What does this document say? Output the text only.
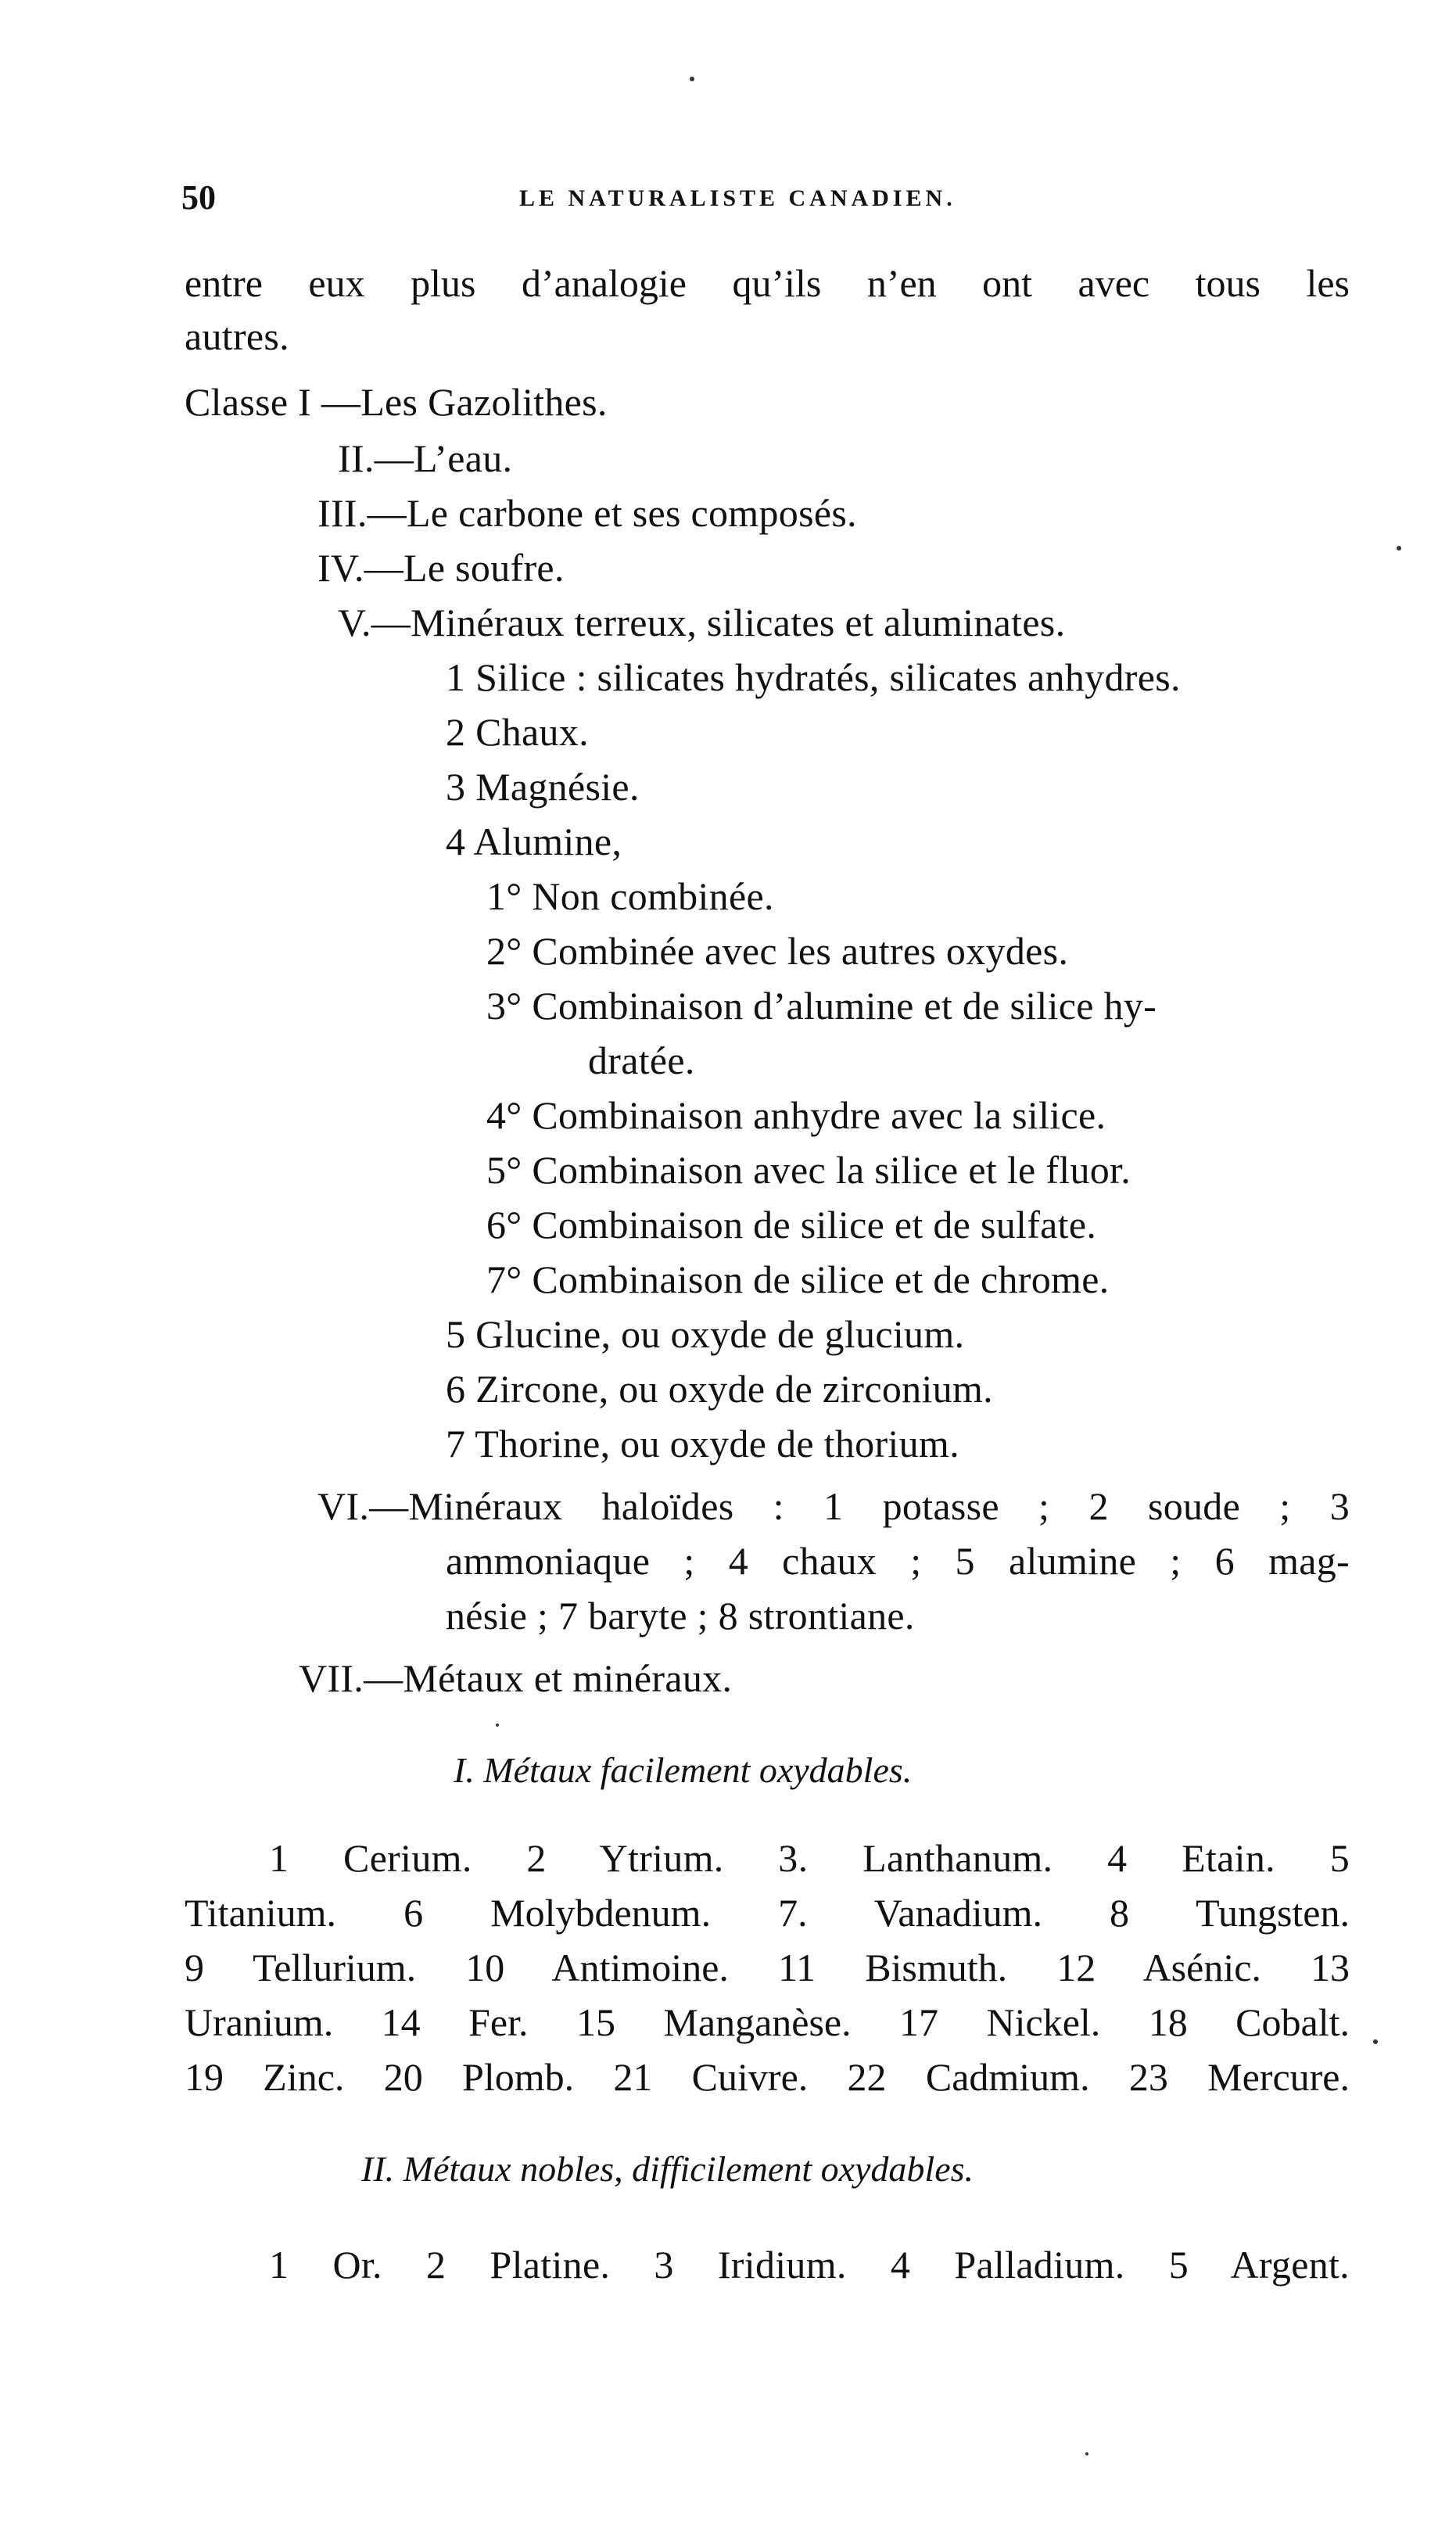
50	LE NATURALISTE CANADIEN.
entre eux plus d’analogie qu’ils n’en ont avec tous les
autres.
Classe I —Les Gazolithes.
II.—L’eau.
III.—Le carbone et ses composés.
IV.—Le soufre.
V.—Minéraux terreux, silicates et aluminates.
1 Silice : silicates hydratés, silicates anhydres.
2 Chaux.
3 Magnésie.
4 Alumine,
1° Non combinée.
2° Combinée avec les autres oxydes.
3° Combinaison d’alumine et de silice hy-
dratée.
4° Combinaison anhydre avec la silice.
5° Combinaison avec la silice et le fluor.
6° Combinaison de silice et de sulfate.
7° Combinaison de silice et de chrome.
5 Glucine, ou oxyde de glucium.
6 Zircone, ou oxyde de zirconium.
7 Thorine, ou oxyde de thorium.
VI.—Minéraux haloïdes : 1 potasse ; 2 soude ; 3
ammoniaque ; 4 chaux ; 5 alumine ; 6 mag-
nésie ; 7 baryte ; 8 strontiane.
VII.—Métaux et minéraux.
I. Métaux facilement oxydables.
1 Cerium. 2 Ytrium. 3. Lanthanum. 4 Etain. 5
Titanium. 6 Molybdenum. 7. Vanadium. 8 Tungsten.
9 Tellurium. 10 Antimoine. 11 Bismuth. 12 Asénic. 13
Uranium. 14 Fer. 15 Manganèse. 17 Nickel. 18 Cobalt.
19 Zinc. 20 Plomb. 21 Cuivre. 22 Cadmium. 23 Mercure.
II. Métaux nobles, difficilement oxydables.
1 Or. 2 Platine. 3 Iridium. 4 Palladium. 5 Argent.
